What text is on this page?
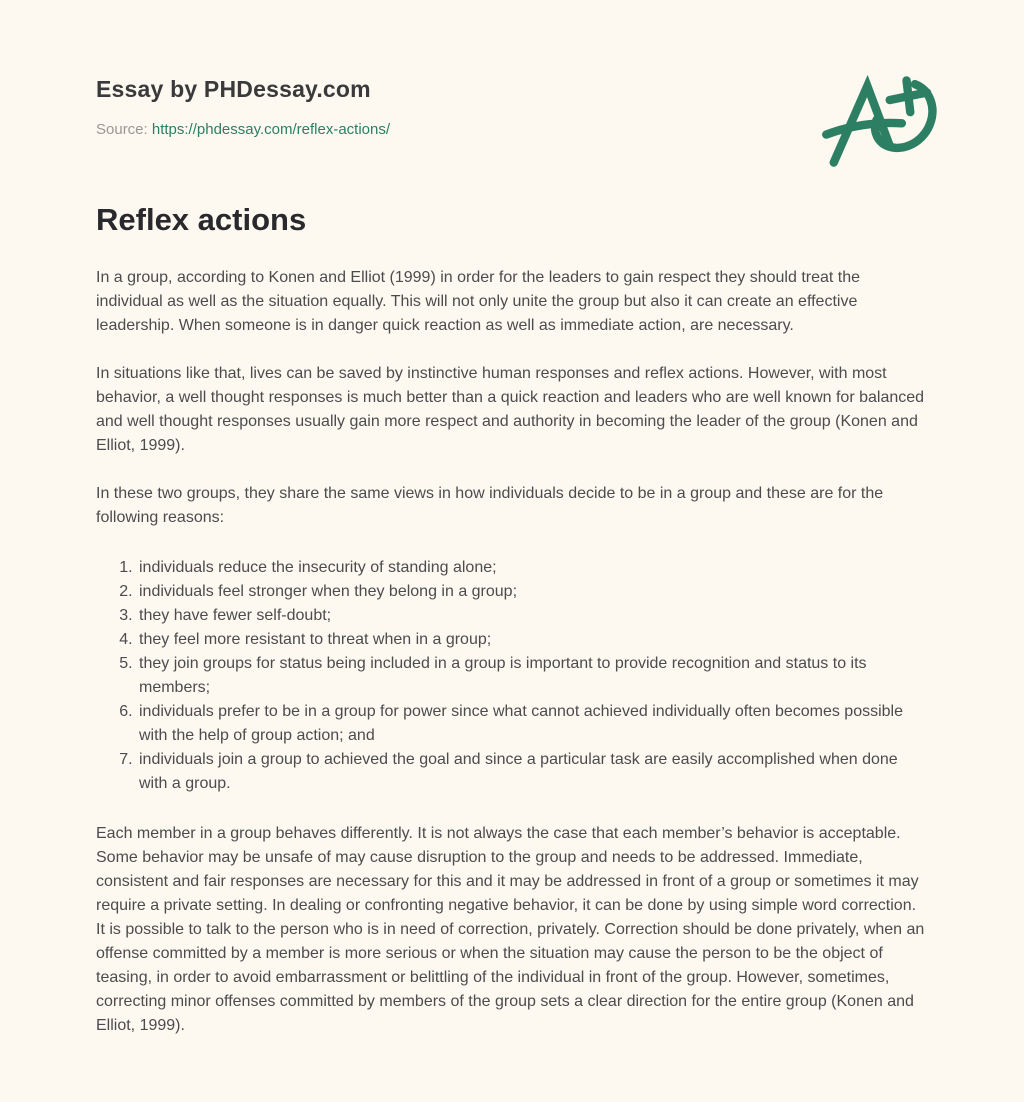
Essay by PHDessay.com
Source: https://phdessay.com/reflex-actions/
Reflex actions

In a group, according to Konen and Elliot (1999) in order for the leaders to gain respect they should treat the individual as well as the situation equally. This will not only unite the group but also it can create an effective leadership. When someone is in danger quick reaction as well as immediate action, are necessary.

In situations like that, lives can be saved by instinctive human responses and reflex actions. However, with most behavior, a well thought responses is much better than a quick reaction and leaders who are well known for balanced and well thought responses usually gain more respect and authority in becoming the leader of the group (Konen and Elliot, 1999).

In these two groups, they share the same views in how individuals decide to be in a group and these are for the following reasons:

1. individuals reduce the insecurity of standing alone;
2. individuals feel stronger when they belong in a group;
3. they have fewer self-doubt;
4. they feel more resistant to threat when in a group;
5. they join groups for status being included in a group is important to provide recognition and status to its members;
6. individuals prefer to be in a group for power since what cannot achieved individually often becomes possible with the help of group action; and
7. individuals join a group to achieved the goal and since a particular task are easily accomplished when done with a group.

Each member in a group behaves differently. It is not always the case that each member’s behavior is acceptable. Some behavior may be unsafe of may cause disruption to the group and needs to be addressed. Immediate, consistent and fair responses are necessary for this and it may be addressed in front of a group or sometimes it may require a private setting. In dealing or confronting negative behavior, it can be done by using simple word correction. It is possible to talk to the person who is in need of correction, privately. Correction should be done privately, when an offense committed by a member is more serious or when the situation may cause the person to be the object of teasing, in order to avoid embarrassment or belittling of the individual in front of the group. However, sometimes, correcting minor offenses committed by members of the group sets a clear direction for the entire group (Konen and Elliot, 1999).
